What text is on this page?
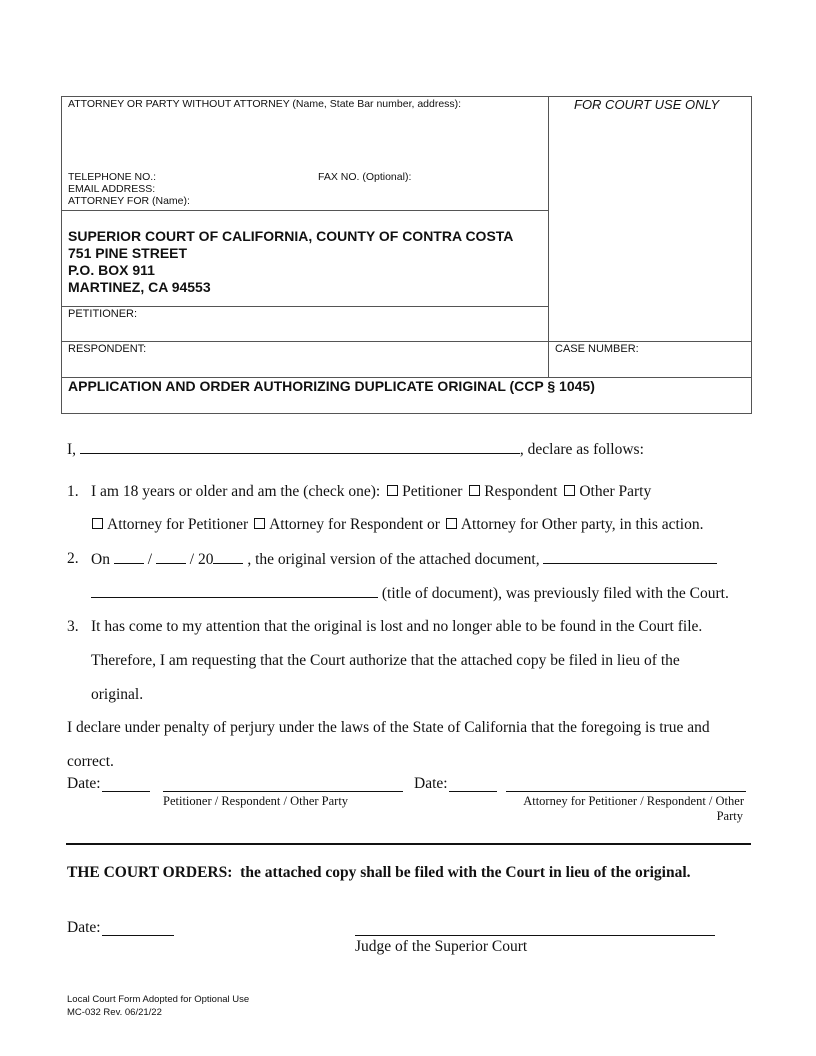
ATTORNEY OR PARTY WITHOUT ATTORNEY (Name, State Bar number, address):	FOR COURT USE ONLY
TELEPHONE NO.:	FAX NO. (Optional):
EMAIL ADDRESS:
ATTORNEY FOR (Name):
SUPERIOR COURT OF CALIFORNIA, COUNTY OF CONTRA COSTA
751 PINE STREET
P.O. BOX 911
MARTINEZ, CA 94553
PETITIONER:
RESPONDENT:	CASE NUMBER:
APPLICATION AND ORDER AUTHORIZING DUPLICATE ORIGINAL (CCP § 1045)
I,	, declare as follows:
1. I am 18 years or older and am the (check one): Petitioner Respondent Other Party
Attorney for Petitioner Attorney for Respondent or Attorney for Other party, in this action.
2. On / / 20 , the original version of the attached document,
(title of document), was previously filed with the Court.
3. It has come to my attention that the original is lost and no longer able to be found in the Court file.
Therefore, I am requesting that the Court authorize that the attached copy be filed in lieu of the
original.
I declare under penalty of perjury under the laws of the State of California that the foregoing is true and
correct.
Date:
Petitioner / Respondent / Other Party
Date:
Attorney for Petitioner / Respondent / Other
Party
THE COURT ORDERS: the attached copy shall be filed with the Court in lieu of the original.
Date:
Judge of the Superior Court
Local Court Form Adopted for Optional Use
MC-032 Rev. 06/21/22
